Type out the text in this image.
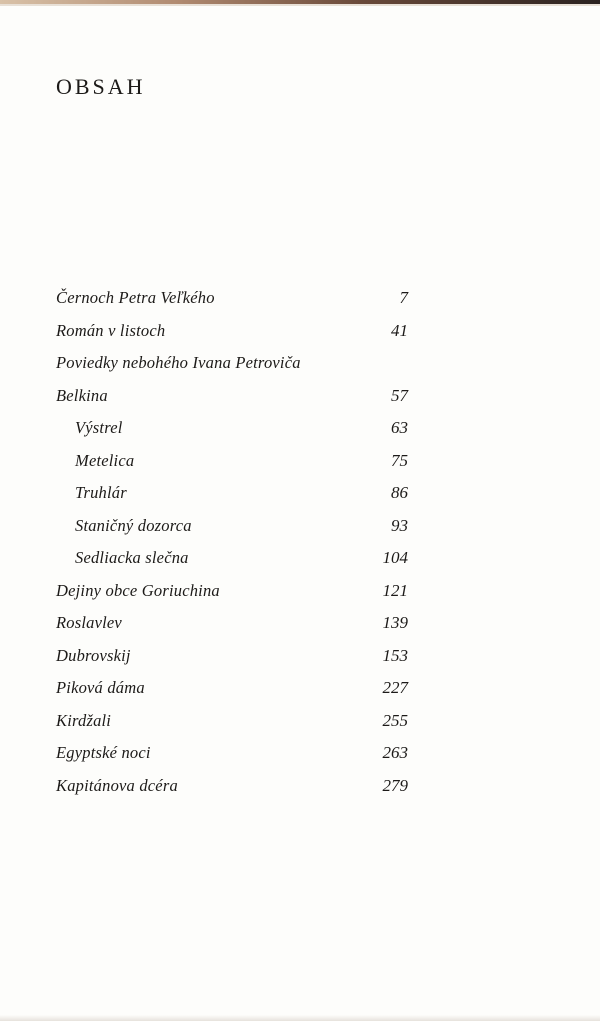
OBSAH
Černoch Petra Veľkého	7
Román v listoch	41
Poviedky nebohého Ivana Petroviča
Belkina	57
Výstrel	63
Metelica	75
Truhlár	86
Staničný dozorca	93
Sedliacka slečna	104
Dejiny obce Goriuchina	121
Roslavlev	139
Dubrovskij	153
Piková dáma	227
Kirdžali	255
Egyptské noci	263
Kapitánova dcéra	279
